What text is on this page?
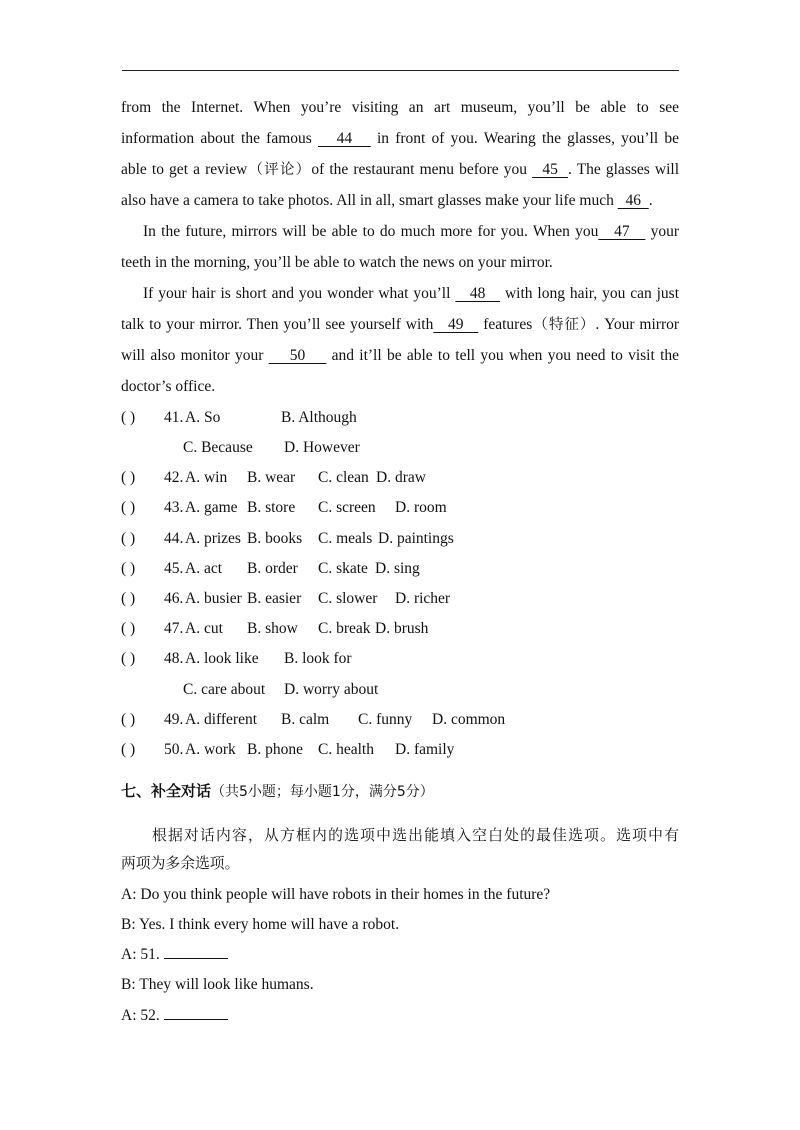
from the Internet. When you’re visiting an art museum, you’ll be able to see
information about the famous    44    in front of you. Wearing the glasses, you’ll be
able to get a review（评论）of the restaurant menu before you   45  . The glasses will
also have a camera to take photos. All in all, smart glasses make your life much   46  .
In the future, mirrors will be able to do much more for you. When you   47    your
teeth in the morning, you’ll be able to watch the news on your mirror.
If your hair is short and you wonder what you’ll    48    with long hair, you can just
talk to your mirror. Then you’ll see yourself with   49    features（特征）. Your mirror
will also monitor your     50     and it’ll be able to tell you when you need to visit the
doctor’s office.
( ) 41. A. So	B. Although
C. Because D. However
( ) 42. A. win B. wear C. clean D. draw
( ) 43. A. game B. store C. screen D. room
( ) 44. A. prizes B. books C. meals D. paintings
( ) 45. A. act B. order C. skate D. sing
( ) 46. A. busier B. easier C. slower D. richer
( ) 47. A. cut B. show C. break D. brush
( ) 48. A. look like B. look for
C. care about D. worry about
( ) 49. A. different B. calm C. funny D. common
( ) 50. A. work B. phone C. health D. family
七、补全对话（共5小题；每小题1分，满分5分）
根据对话内容，从方框内的选项中选出能填入空白处的最佳选项。选项中有
两项为多余选项。
A: Do you think people will have robots in their homes in the future?
B: Yes. I think every home will have a robot.
A: 51.
B: They will look like humans.
A: 52.
